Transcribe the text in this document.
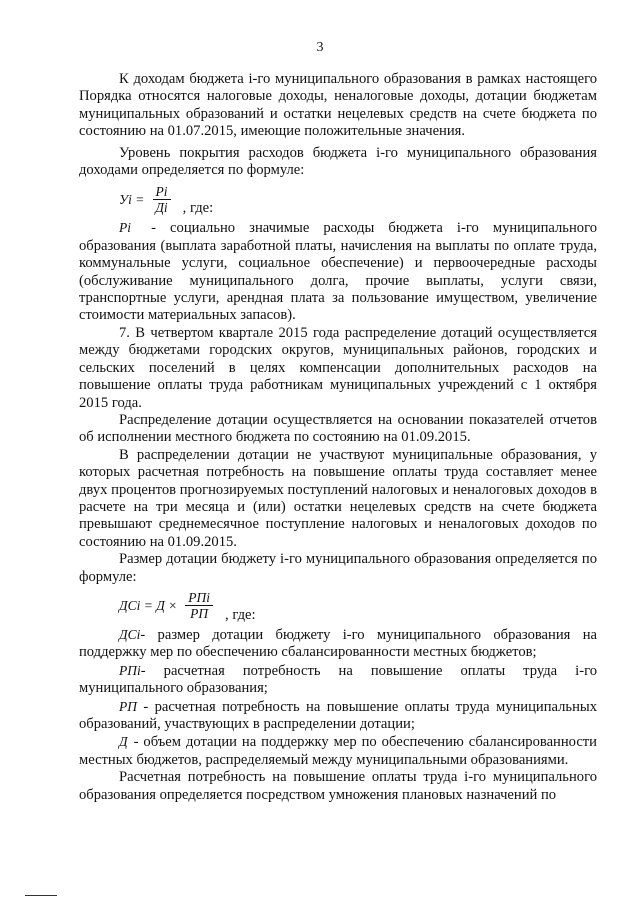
3

К доходам бюджета i-го муниципального образования в рамках настоящего Порядка относятся налоговые доходы, неналоговые доходы, дотации бюджетам муниципальных образований и остатки нецелевых средств на счете бюджета по состоянию на 01.07.2015, имеющие положительные значения.

Уровень покрытия расходов бюджета i-го муниципального образования доходами определяется по формуле:

Уi = $\frac{Pi}{Дi}$ , где:

Pi - социально значимые расходы бюджета i-го муниципального образования (выплата заработной платы, начисления на выплаты по оплате труда, коммунальные услуги, социальное обеспечение) и первоочередные расходы (обслуживание муниципального долга, прочие выплаты, услуги связи, транспортные услуги, арендная плата за пользование имуществом, увеличение стоимости материальных запасов).

7. В четвертом квартале 2015 года распределение дотаций осуществляется между бюджетами городских округов, муниципальных районов, городских и сельских поселений в целях компенсации дополнительных расходов на повышение оплаты труда работникам муниципальных учреждений с 1 октября 2015 года.

Распределение дотации осуществляется на основании показателей отчетов об исполнении местного бюджета по состоянию на 01.09.2015.

В распределении дотации не участвуют муниципальные образования, у которых расчетная потребность на повышение оплаты труда составляет менее двух процентов прогнозируемых поступлений налоговых и неналоговых доходов в расчете на три месяца и (или) остатки нецелевых средств на счете бюджета превышают среднемесячное поступление налоговых и неналоговых доходов по состоянию на 01.09.2015.

Размер дотации бюджету i-го муниципального образования определяется по формуле:

ДСi = $Д \times \frac{\text{РПi}}{РП}$ , где:

ДСi- размер дотации бюджету i-го муниципального образования на поддержку мер по обеспечению сбалансированности местных бюджетов;

РПi- расчетная потребность на повышение оплаты труда i-го муниципального образования;

РП - расчетная потребность на повышение оплаты труда муниципальных образований, участвующих в распределении дотации;

Д - объем дотации на поддержку мер по обеспечению сбалансированности местных бюджетов, распределяемый между муниципальными образованиями.

Расчетная потребность на повышение оплаты труда i-го муниципального образования определяется посредством умножения плановых назначений по
